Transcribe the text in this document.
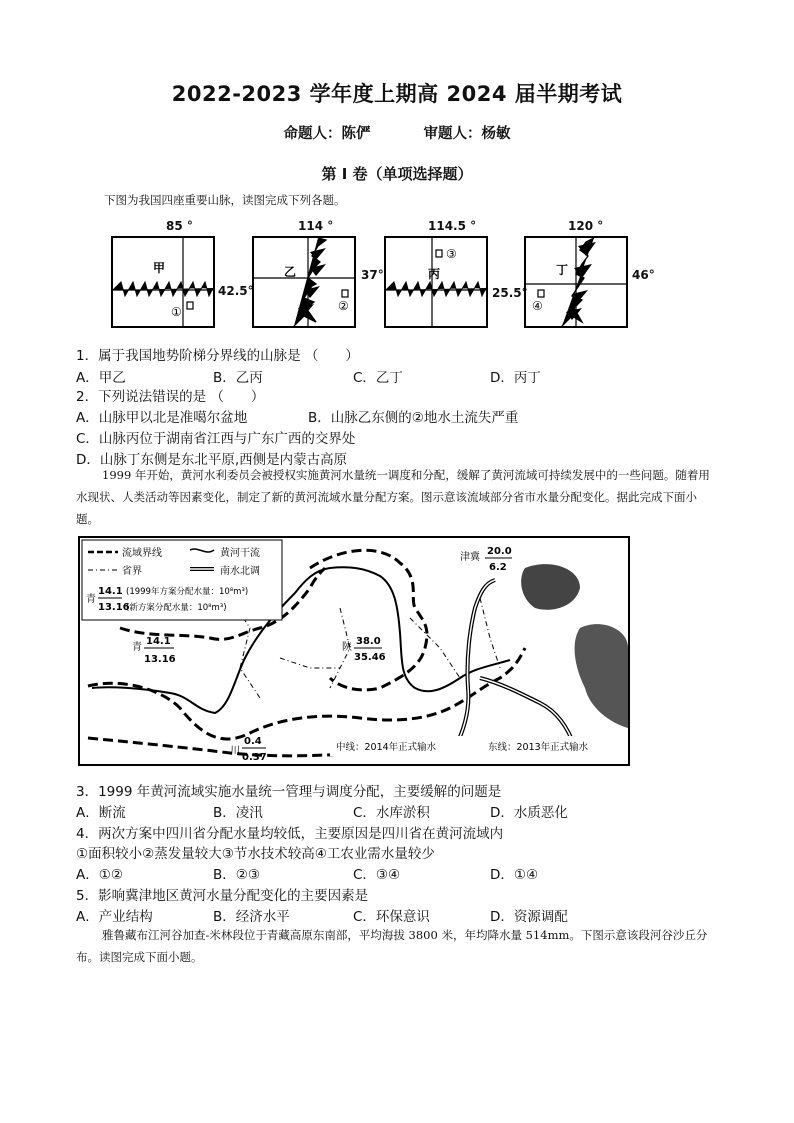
2022-2023 学年度上期高 2024 届半期考试
命题人：陈俨	审题人：杨敏
第 I 卷（单项选择题）
下图为我国四座重要山脉，读图完成下列各题。
85 °
甲
①
42.5°
114 °
乙
②
37°
114.5 °
丙
③
25.5°
120 °
丁
④
46°
1．属于我国地势阶梯分界线的山脉是 （　　）
A．甲乙	B．乙丙	C．乙丁	D．丙丁
2．下列说法错误的是 （　　）
A．山脉甲以北是准噶尔盆地	B．山脉乙东侧的②地水土流失严重
C．山脉丙位于湖南省江西与广东广西的交界处
D．山脉丁东侧是东北平原,西侧是内蒙古高原
1999 年开始，黄河水利委员会被授权实施黄河水量统一调度和分配，缓解了黄河流域可持续发展中的一些问题。随着用水现状、人类活动等因素变化，制定了新的黄河流域水量分配方案。图示意该流域部分省市水量分配变化。据此完成下面小题。
流域界线	黄河干流
省界	南水北调
青
14.1
13.16
(1999年方案分配水量：10⁸m³)
(新方案分配水量：10⁸m³)
津冀
20.0
6.2
陕
38.0
35.46
青
14.1
13.16
川
0.4
0.37
中线：2014年正式输水	东线：2013年正式输水
3．1999 年黄河流域实施水量统一管理与调度分配，主要缓解的问题是
A．断流	B．凌汛	C．水库淤积	D．水质恶化
4．两次方案中四川省分配水量均较低，主要原因是四川省在黄河流域内
①面积较小②蒸发量较大③节水技术较高④工农业需水量较少
A．①②	B．②③	C．③④	D．①④
5．影响冀津地区黄河水量分配变化的主要因素是
A．产业结构	B．经济水平	C．环保意识	D．资源调配
雅鲁藏布江河谷加查-米林段位于青藏高原东南部，平均海拔 3800 米，年均降水量 514mm。下图示意该段河谷沙丘分布。读图完成下面小题。
